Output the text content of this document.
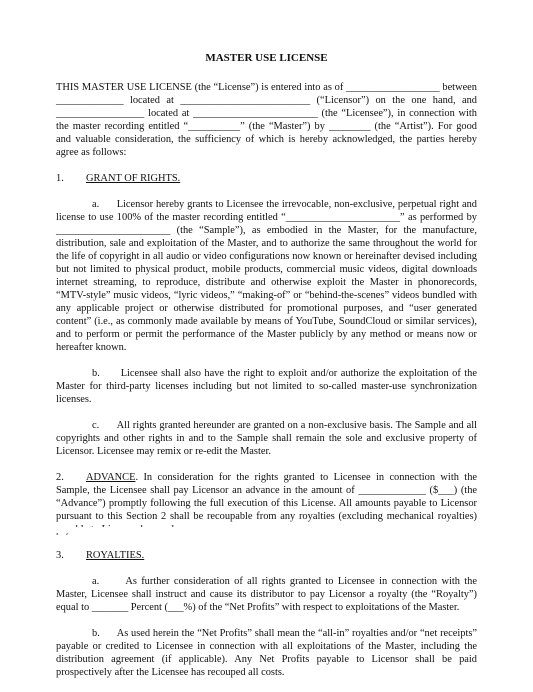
MASTER USE LICENSE
THIS MASTER USE LICENSE (the “License”) is entered into as of __________________ between _____________ located at _________________________ (“Licensor”) on the one hand, and _________________ located at ________________________ (the “Licensee”), in connection with the master recording entitled “__________” (the “Master”) by ________ (the “Artist”). For good and valuable consideration, the sufficiency of which is hereby acknowledged, the parties hereby agree as follows:
1. GRANT OF RIGHTS.
a. Licensor hereby grants to Licensee the irrevocable, non-exclusive, perpetual right and license to use 100% of the master recording entitled “______________________” as performed by ______________________ (the “Sample”), as embodied in the Master, for the manufacture, distribution, sale and exploitation of the Master, and to authorize the same throughout the world for the life of copyright in all audio or video configurations now known or hereinafter devised including but not limited to physical product, mobile products, commercial music videos, digital downloads internet streaming, to reproduce, distribute and otherwise exploit the Master in phonorecords, “MTV-style” music videos, “lyric videos,” “making-of” or “behind-the-scenes” videos bundled with any applicable project or otherwise distributed for promotional purposes, and “user generated content” (i.e., as commonly made available by means of YouTube, SoundCloud or similar services), and to perform or permit the performance of the Master publicly by any method or means now or hereafter known.
b. Licensee shall also have the right to exploit and/or authorize the exploitation of the Master for third-party licenses including but not limited to so-called master-use synchronization licenses.
c. All rights granted hereunder are granted on a non-exclusive basis. The Sample and all copyrights and other rights in and to the Sample shall remain the sole and exclusive property of Licensor. Licensee may remix or re-edit the Master.
2. ADVANCE. In consideration for the rights granted to Licensee in connection with the Sample, the Licensee shall pay Licensor an advance in the amount of _____________ ($___) (the “Advance”) promptly following the full execution of this License. All amounts payable to Licensor pursuant to this Section 2 shall be recoupable from any royalties (excluding mechanical royalties)
3. ROYALTIES.
a.	As further consideration of all rights granted to Licensee in connection with the Master, Licensee shall instruct and cause its distributor to pay Licensor a royalty (the “Royalty”) equal to _______ Percent (___%) of the “Net Profits” with respect to exploitations of the Master.
b. As used herein the “Net Profits” shall mean the “all-in” royalties and/or “net receipts” payable or credited to Licensee in connection with all exploitations of the Master, including the distribution agreement (if applicable). Any Net Profits payable to Licensor shall be paid prospectively after the Licensee has recouped all costs.
